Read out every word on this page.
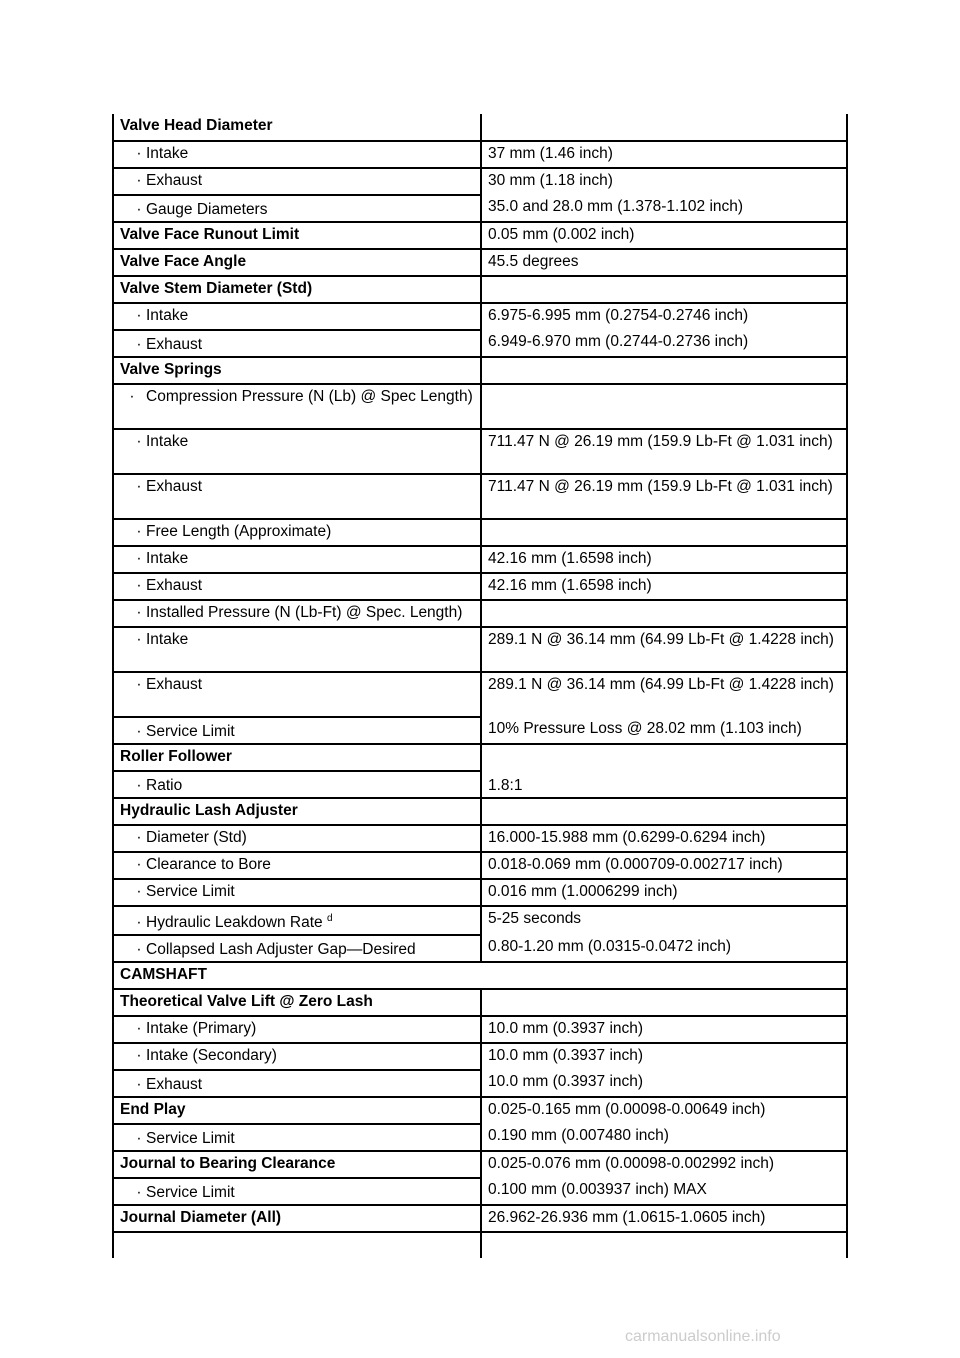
Valve Head Diameter	
· Intake	37 mm (1.46 inch)
· Exhaust	30 mm (1.18 inch)
· Gauge Diameters	35.0 and 28.0 mm (1.378-1.102 inch)
Valve Face Runout Limit	0.05 mm (0.002 inch)
Valve Face Angle	45.5 degrees
Valve Stem Diameter (Std)	
· Intake	6.975-6.995 mm (0.2754-0.2746 inch)
· Exhaust	6.949-6.970 mm (0.2744-0.2736 inch)
Valve Springs	
· Compression Pressure (N (Lb) @ Spec Length)	
· Intake	711.47 N @ 26.19 mm (159.9 Lb-Ft @ 1.031 inch)
· Exhaust	711.47 N @ 26.19 mm (159.9 Lb-Ft @ 1.031 inch)
· Free Length (Approximate)	
· Intake	42.16 mm (1.6598 inch)
· Exhaust	42.16 mm (1.6598 inch)
· Installed Pressure (N (Lb-Ft) @ Spec. Length)	
· Intake	289.1 N @ 36.14 mm (64.99 Lb-Ft @ 1.4228 inch)
· Exhaust	289.1 N @ 36.14 mm (64.99 Lb-Ft @ 1.4228 inch)
· Service Limit	10% Pressure Loss @ 28.02 mm (1.103 inch)
Roller Follower	
· Ratio	1.8:1
Hydraulic Lash Adjuster	
· Diameter (Std)	16.000-15.988 mm (0.6299-0.6294 inch)
· Clearance to Bore	0.018-0.069 mm (0.000709-0.002717 inch)
· Service Limit	0.016 mm (1.0006299 inch)
· Hydraulic Leakdown Rate $^d$	5-25 seconds
· Collapsed Lash Adjuster Gap—Desired	0.80-1.20 mm (0.0315-0.0472 inch)
CAMSHAFT	
Theoretical Valve Lift @ Zero Lash	
· Intake (Primary)	10.0 mm (0.3937 inch)
· Intake (Secondary)	10.0 mm (0.3937 inch)
· Exhaust	10.0 mm (0.3937 inch)
End Play	0.025-0.165 mm (0.00098-0.00649 inch)
· Service Limit	0.190 mm (0.007480 inch)
Journal to Bearing Clearance	0.025-0.076 mm (0.00098-0.002992 inch)
· Service Limit	0.100 mm (0.003937 inch) MAX
Journal Diameter (All)	26.962-26.936 mm (1.0615-1.0605 inch)

carmanualsonline.info
